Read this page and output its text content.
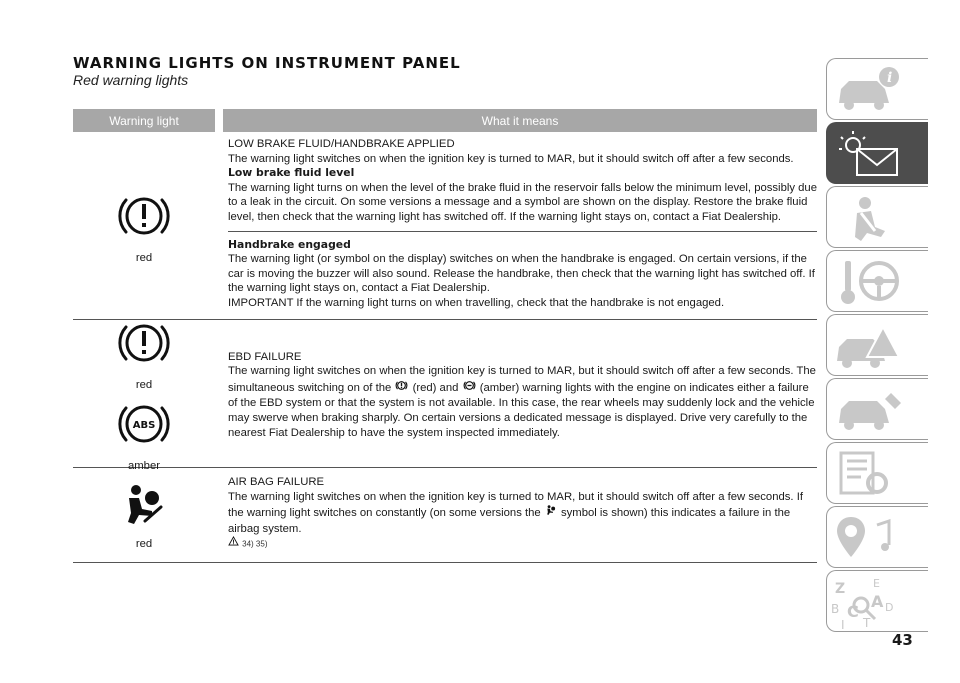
WARNING LIGHTS ON INSTRUMENT PANEL
Red warning lights
Warning light	What it means
red

LOW BRAKE FLUID/HANDBRAKE APPLIED

The warning light switches on when the ignition key is turned to MAR, but it should switch off after a few seconds.

Low brake fluid level

The warning light turns on when the level of the brake fluid in the reservoir falls below the minimum level, possibly due to a leak in the circuit. On some versions a message and a symbol are shown on the display. Restore the brake fluid level, then check that the warning light has switched off. If the warning light stays on, contact a Fiat Dealership.

Handbrake engaged

The warning light (or symbol on the display) switches on when the handbrake is engaged. On certain versions, if the car is moving the buzzer will also sound. Release the handbrake, then check that the warning light has switched off. If the warning light stays on, contact a Fiat Dealership.

IMPORTANT If the warning light turns on when travelling, check that the handbrake is not engaged.

red
ABS
amber

EBD FAILURE

The warning light switches on when the ignition key is turned to MAR, but it should switch off after a few seconds. The simultaneous switching on of the (red) and (amber) warning lights with the engine on indicates either a failure of the EBD system or that the system is not available. In this case, the rear wheels may suddenly lock and the vehicle may swerve when braking sharply. On certain versions a dedicated message is displayed. Drive very carefully to the nearest Fiat Dealership to have the system inspected immediately.

red

AIR BAG FAILURE

The warning light switches on when the ignition key is turned to MAR, but it should switch off after a few seconds. If the warning light switches on constantly (on some versions the symbol is shown) this indicates a failure in the airbag system.

34) 35)

i
Z	E
A
B C D
T
I
43
